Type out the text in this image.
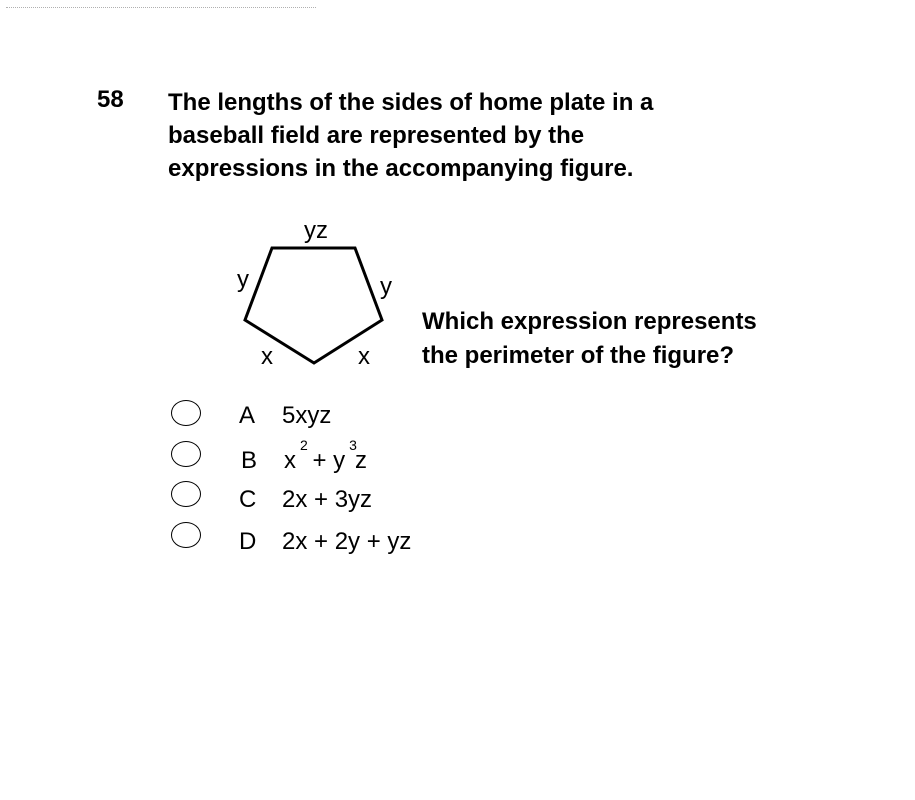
58 The lengths of the sides of home plate in a
baseball field are represented by the
expressions in the accompanying figure.
yz
y	y
x	x
Which expression represents
the perimeter of the figure?
A 5xyz
B $x^2 + y^3z$
C 2x + 3yz
D 2x + 2y + yz
